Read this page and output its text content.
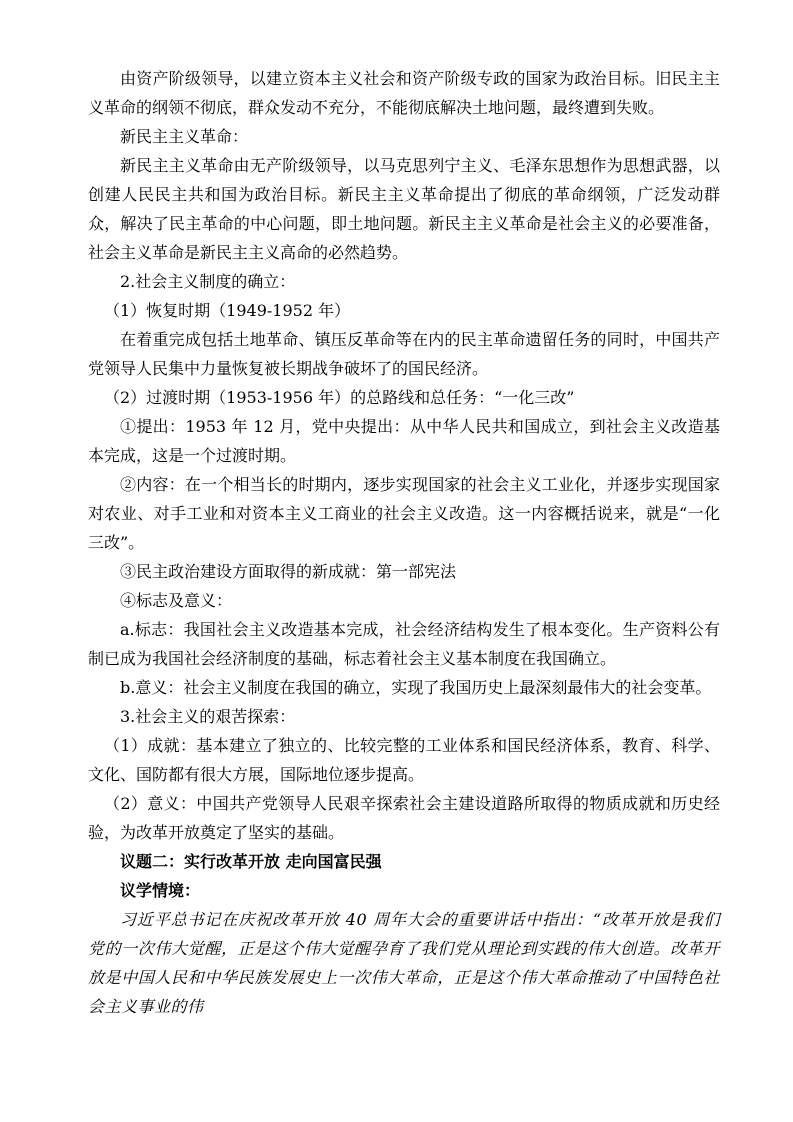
由资产阶级领导，以建立资本主义社会和资产阶级专政的国家为政治目标。旧民主主义革命的纲领不彻底，群众发动不充分，不能彻底解决土地问题，最终遭到失败。

新民主主义革命：

新民主主义革命由无产阶级领导，以马克思列宁主义、毛泽东思想作为思想武器，以创建人民民主共和国为政治目标。新民主主义革命提出了彻底的革命纲领，广泛发动群众，解决了民主革命的中心问题，即土地问题。新民主主义革命是社会主义的必要准备，社会主义革命是新民主主义高命的必然趋势。

2.社会主义制度的确立：

（1）恢复时期（1949-1952 年）

在着重完成包括土地革命、镇压反革命等在内的民主革命遗留任务的同时，中国共产党领导人民集中力量恢复被长期战争破坏了的国民经济。

（2）过渡时期（1953-1956 年）的总路线和总任务：“一化三改”

①提出：1953 年 12 月，党中央提出：从中华人民共和国成立，到社会主义改造基本完成，这是一个过渡时期。

②内容：在一个相当长的时期内，逐步实现国家的社会主义工业化，并逐步实现国家对农业、对手工业和对资本主义工商业的社会主义改造。这一内容概括说来，就是“一化三改”。

③民主政治建设方面取得的新成就：第一部宪法

④标志及意义：

a.标志：我国社会主义改造基本完成，社会经济结构发生了根本变化。生产资料公有制已成为我国社会经济制度的基础，标志着社会主义基本制度在我国确立。

b.意义：社会主义制度在我国的确立，实现了我国历史上最深刻最伟大的社会变革。

3.社会主义的艰苦探索：

（1）成就：基本建立了独立的、比较完整的工业体系和国民经济体系，教育、科学、文化、国防都有很大方展，国际地位逐步提高。

（2）意义：中国共产党领导人民艰辛探索社会主建设道路所取得的物质成就和历史经验，为改革开放奠定了坚实的基础。

议题二：实行改革开放 走向国富民强

议学情境：

习近平总书记在庆祝改革开放 40 周年大会的重要讲话中指出：“改革开放是我们党的一次伟大觉醒，正是这个伟大觉醒孕育了我们党从理论到实践的伟大创造。改革开放是中国人民和中华民族发展史上一次伟大革命，正是这个伟大革命推动了中国特色社会主义事业的伟
